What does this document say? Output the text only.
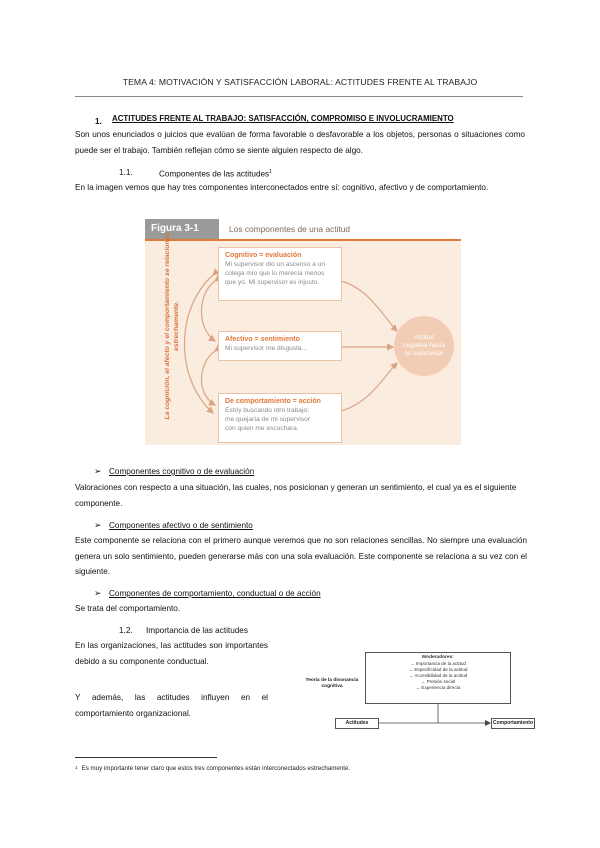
TEMA 4: MOTIVACIÓN Y SATISFACCIÓN LABORAL: ACTITUDES FRENTE AL TRABAJO
1. ACTITUDES FRENTE AL TRABAJO: SATISFACCIÓN, COMPROMISO E INVOLUCRAMIENTO
Son unos enunciados o juicios que evalúan de forma favorable o desfavorable a los objetos, personas o situaciones como puede ser el trabajo. También reflejan cómo se siente alguien respecto de algo.
1.1.	Componentes de las actitudes$^1$
En la imagen vemos que hay tres componentes interconectados entre sí: cognitivo, afectivo y de comportamiento.
Figura 3-1	Los componentes de una actitud
La cognición, el afecto y el comportamiento se relacionan estrechamente.
Cognitivo = evaluación
Mi supervisor dio un ascenso a un
colega mío que lo merecía menos
que yo. Mi supervisor es injusto.
Afectivo = sentimiento
Mi supervisor me disgusta...
De comportamiento = acción
Estoy buscando otro trabajo;
me quejaría de mi supervisor
con quien me escuchara.
Actitud
negativa hacia
su supervisor
➢ Componentes cognitivo o de evaluación
Valoraciones con respecto a una situación, las cuales, nos posicionan y generan un sentimiento, el cual ya es el siguiente componente.
➢ Componentes afectivo o de sentimiento
Este componente se relaciona con el primero aunque veremos que no son relaciones sencillas. No siempre una evaluación genera un solo sentimiento, pueden generarse más con una sola evaluación. Este componente se relaciona a su vez con el siguiente.
➢ Componentes de comportamiento, conductual o de acción
Se trata del comportamiento.
1.2. Importancia de las actitudes
En las organizaciones, las actitudes son importantes debido a su componente conductual.
Y además, las actitudes influyen en el comportamiento organizacional.
Moderadores:
→ Importancia de la actitud
→ Especificidad de la actitud
→ Accesibilidad de la actitud
→ Presión social
→ Experiencia directa
Teoría de la disonancia cognitiva
Actitudes	Comportamiento
$^1$ Es muy importante tener claro que estos tres componentes están interconectados estrechamente.
